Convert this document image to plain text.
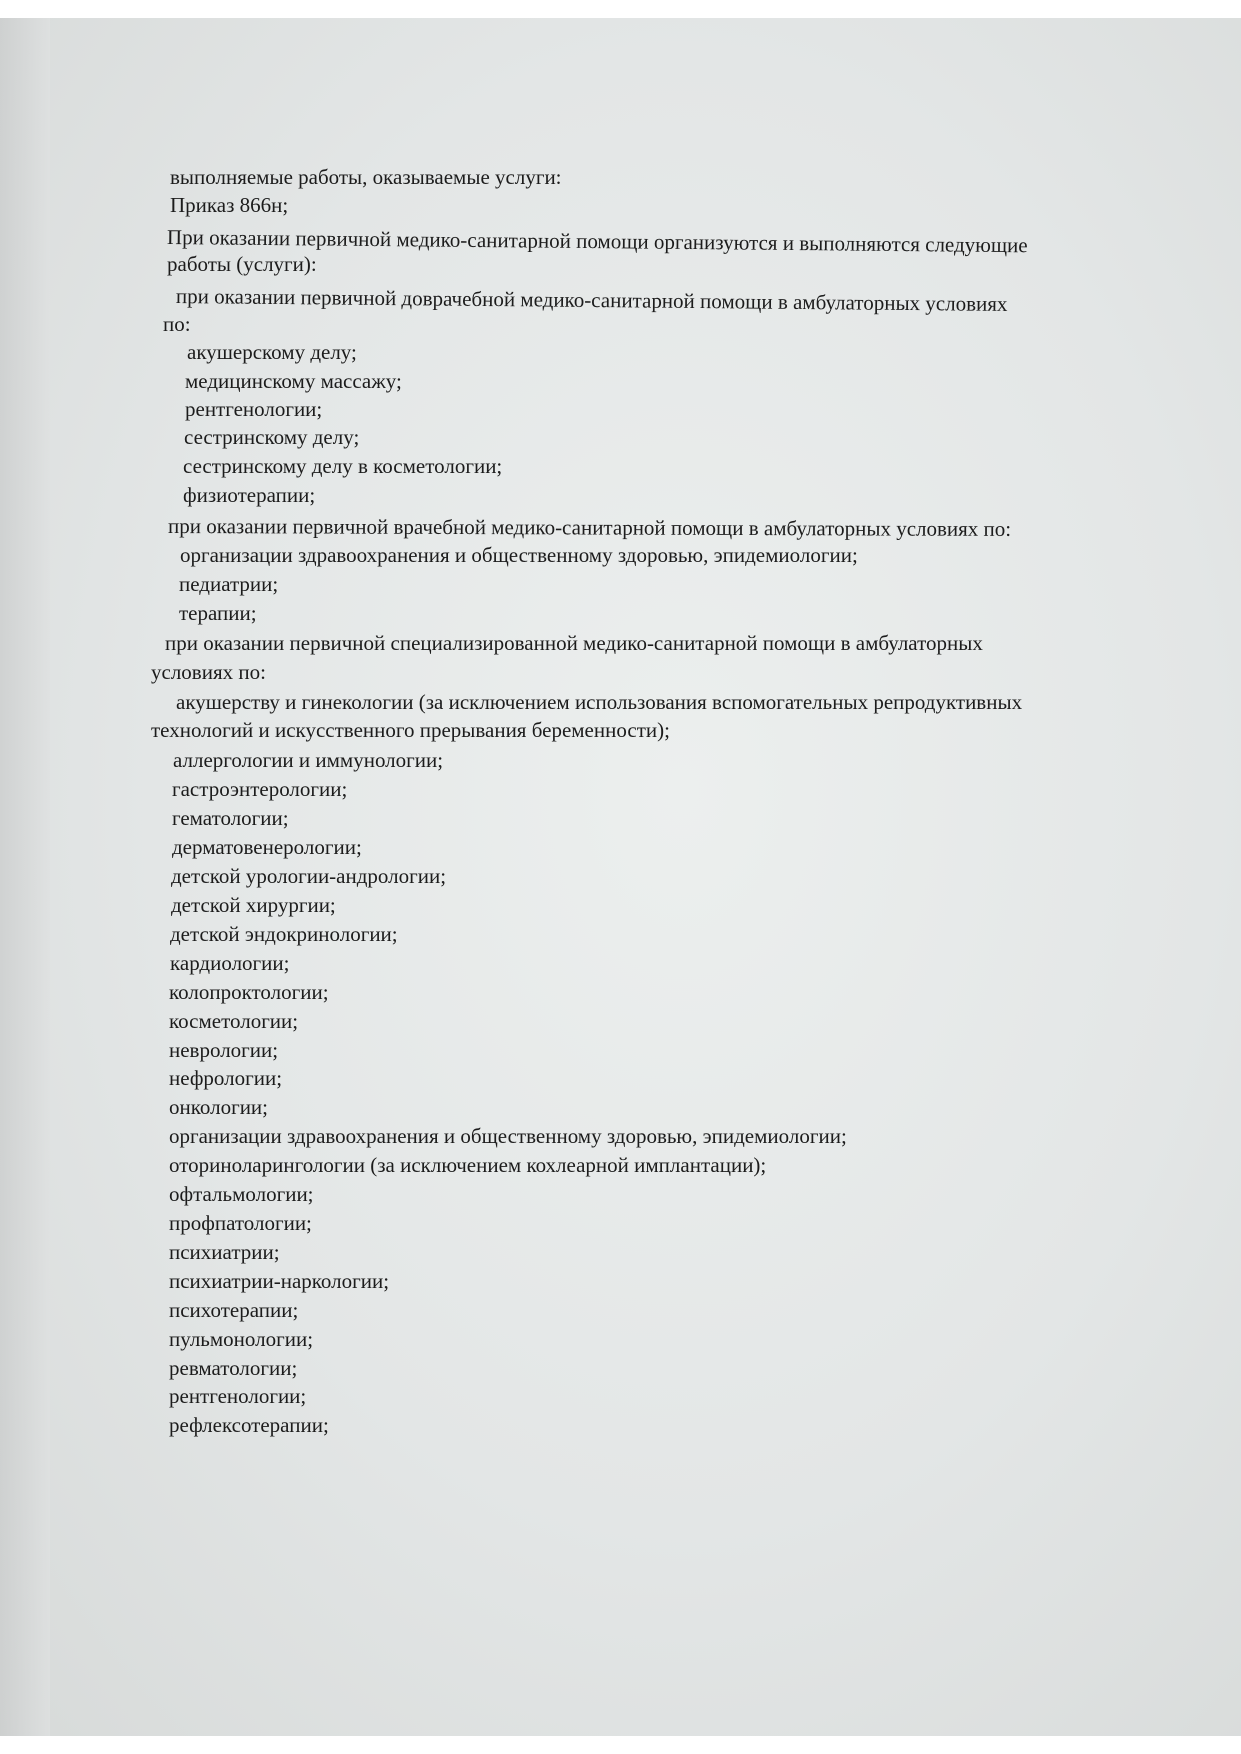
выполняемые работы, оказываемые услуги:
Приказ 866н;
При оказании первичной медико-санитарной помощи организуются и выполняются следующие
работы (услуги):
при оказании первичной доврачебной медико-санитарной помощи в амбулаторных условиях
по:
акушерскому делу;
медицинскому массажу;
рентгенологии;
сестринскому делу;
сестринскому делу в косметологии;
физиотерапии;
при оказании первичной врачебной медико-санитарной помощи в амбулаторных условиях по:
организации здравоохранения и общественному здоровью, эпидемиологии;
педиатрии;
терапии;
при оказании первичной специализированной медико-санитарной помощи в амбулаторных
условиях по:
акушерству и гинекологии (за исключением использования вспомогательных репродуктивных
технологий и искусственного прерывания беременности);
аллергологии и иммунологии;
гастроэнтерологии;
гематологии;
дерматовенерологии;
детской урологии-андрологии;
детской хирургии;
детской эндокринологии;
кардиологии;
колопроктологии;
косметологии;
неврологии;
нефрологии;
онкологии;
организации здравоохранения и общественному здоровью, эпидемиологии;
оториноларингологии (за исключением кохлеарной имплантации);
офтальмологии;
профпатологии;
психиатрии;
психиатрии-наркологии;
психотерапии;
пульмонологии;
ревматологии;
рентгенологии;
рефлексотерапии;
